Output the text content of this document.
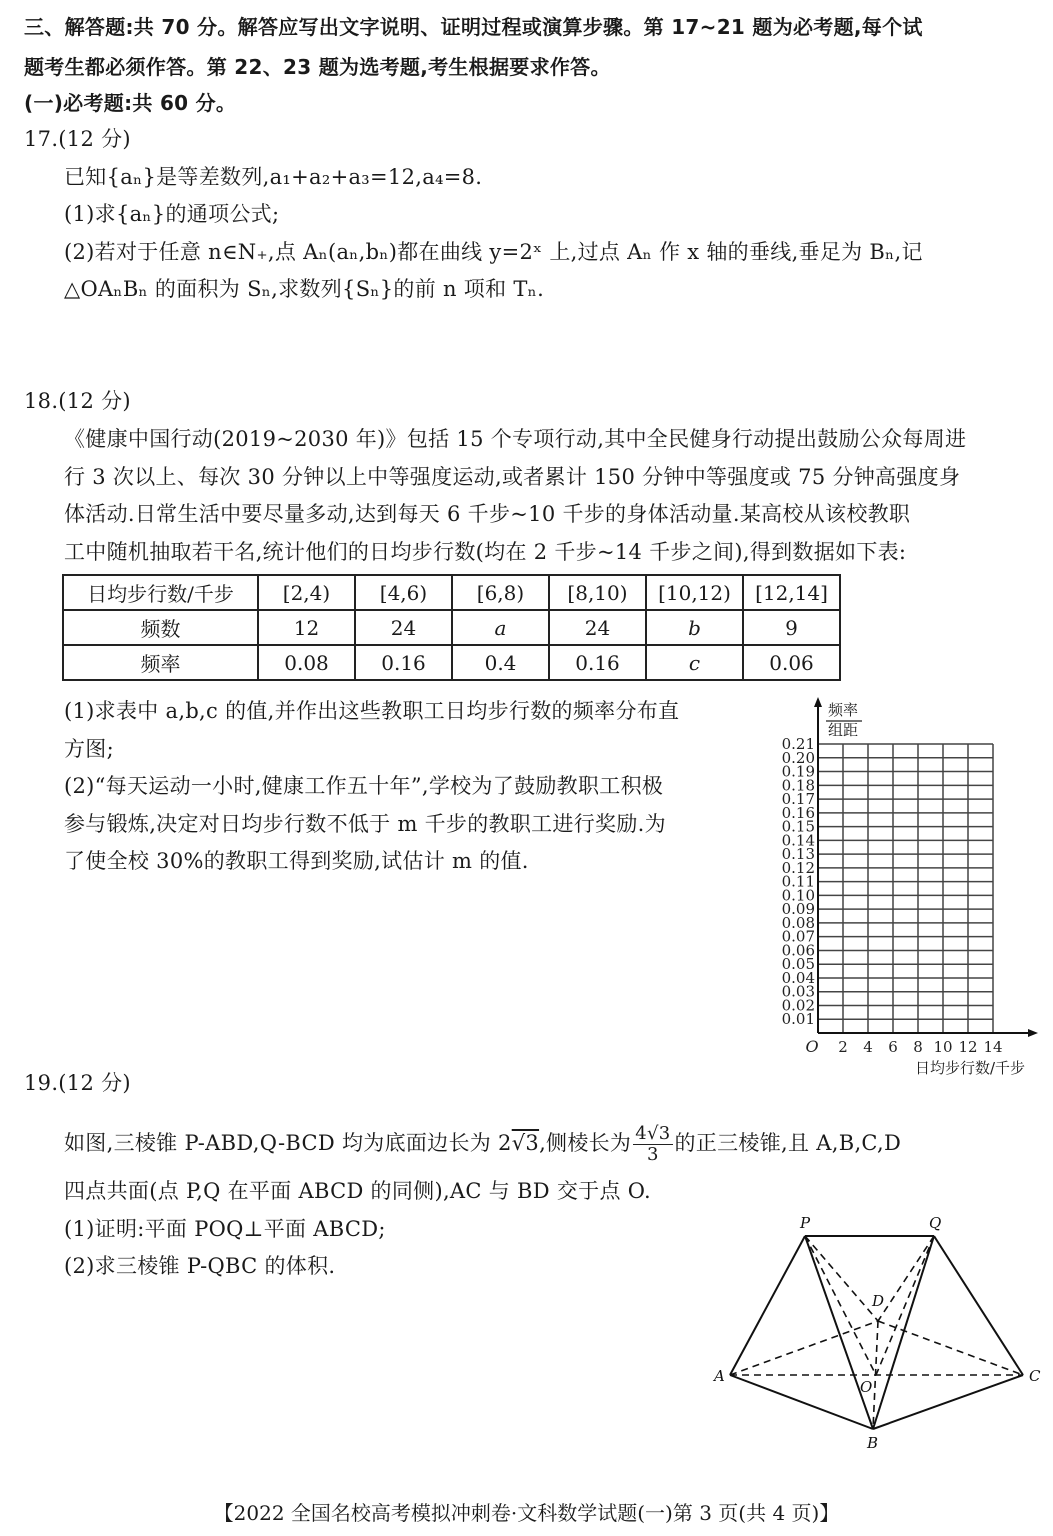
三、解答题:共 70 分。解答应写出文字说明、证明过程或演算步骤。第 17~21 题为必考题,每个试
题考生都必须作答。第 22、23 题为选考题,考生根据要求作答。
(一)必考题:共 60 分。
17.(12 分)
已知{aₙ}是等差数列,a₁+a₂+a₃=12,a₄=8.
(1)求{aₙ}的通项公式;
(2)若对于任意 n∈N₊,点 Aₙ(aₙ,bₙ)都在曲线 y=2ˣ 上,过点 Aₙ 作 x 轴的垂线,垂足为 Bₙ,记
△OAₙBₙ 的面积为 Sₙ,求数列{Sₙ}的前 n 项和 Tₙ.
18.(12 分)
《健康中国行动(2019~2030 年)》包括 15 个专项行动,其中全民健身行动提出鼓励公众每周进
行 3 次以上、每次 30 分钟以上中等强度运动,或者累计 150 分钟中等强度或 75 分钟高强度身
体活动.日常生活中要尽量多动,达到每天 6 千步~10 千步的身体活动量.某高校从该校教职
工中随机抽取若干名,统计他们的日均步行数(均在 2 千步~14 千步之间),得到数据如下表:
日均步行数/千步	[2,4)	[4,6)	[6,8)	[8,10)	[10,12)	[12,14]
频数	12	24	a	24	b	9
频率	0.08	0.16	0.4	0.16	c	0.06
(1)求表中 a,b,c 的值,并作出这些教职工日均步行数的频率分布直
方图;
(2)“每天运动一小时,健康工作五十年”,学校为了鼓励教职工积极
参与锻炼,决定对日均步行数不低于 m 千步的教职工进行奖励.为
了使全校 30%的教职工得到奖励,试估计 m 的值.
0.01
0.02
0.03
0.04
0.05
0.06
0.07
0.08
0.09
0.10
0.11
0.12
0.13
0.14
0.15
0.16
0.17
0.18
0.19
0.20
0.21
2 4 6 8 10 12 14
频率
组距
O
日均步行数/千步
19.(12 分)
如图,三棱锥 P-ABD,Q-BCD 均为底面边长为 2√3,侧棱长为 $\frac{4√3}{3}$ 的正三棱锥,且 A,B,C,D
四点共面(点 P,Q 在平面 ABCD 的同侧),AC 与 BD 交于点 O.
(1)证明:平面 POQ⊥平面 ABCD;
(2)求三棱锥 P-QBC 的体积.
P	Q
D
A
O
C
B
【2022 全国名校高考模拟冲刺卷·文科数学试题(一)第 3 页(共 4 页)】
